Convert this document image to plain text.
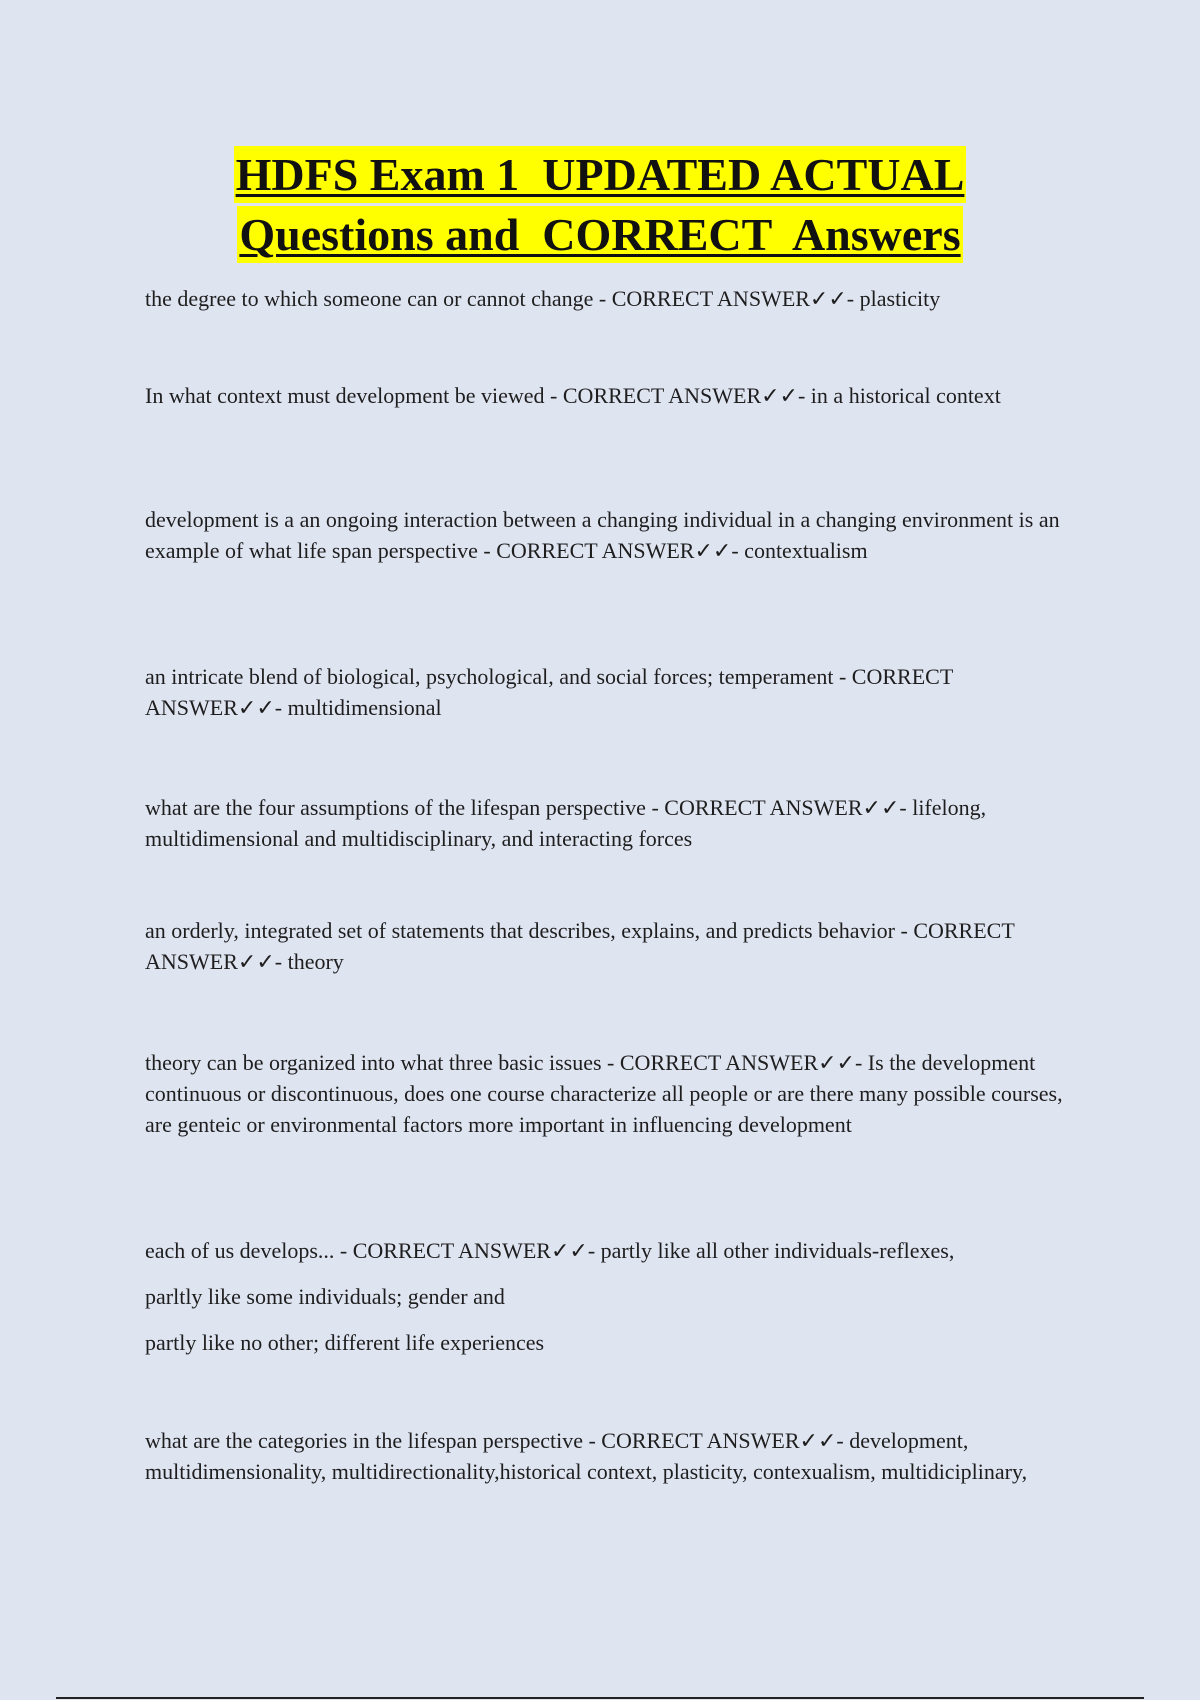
HDFS Exam 1  UPDATED ACTUAL
Questions and  CORRECT  Answers

the degree to which someone can or cannot change - CORRECT ANSWER✓✓- plasticity

In what context must development be viewed - CORRECT ANSWER✓✓- in a historical context

development is a an ongoing interaction between a changing individual in a changing environment is an example of what life span perspective - CORRECT ANSWER✓✓- contextualism

an intricate blend of biological, psychological, and social forces; temperament - CORRECT ANSWER✓✓- multidimensional

what are the four assumptions of the lifespan perspective - CORRECT ANSWER✓✓- lifelong, multidimensional and multidisciplinary, and interacting forces

an orderly, integrated set of statements that describes, explains, and predicts behavior - CORRECT ANSWER✓✓- theory

theory can be organized into what three basic issues - CORRECT ANSWER✓✓- Is the development continuous or discontinuous, does one course characterize all people or are there many possible courses, are genteic or environmental factors more important in influencing development

each of us develops... - CORRECT ANSWER✓✓- partly like all other individuals-reflexes,

parltly like some individuals; gender and

partly like no other; different life experiences

what are the categories in the lifespan perspective - CORRECT ANSWER✓✓- development, multidimensionality, multidirectionality,historical context, plasticity, contexualism, multidiciplinary,
